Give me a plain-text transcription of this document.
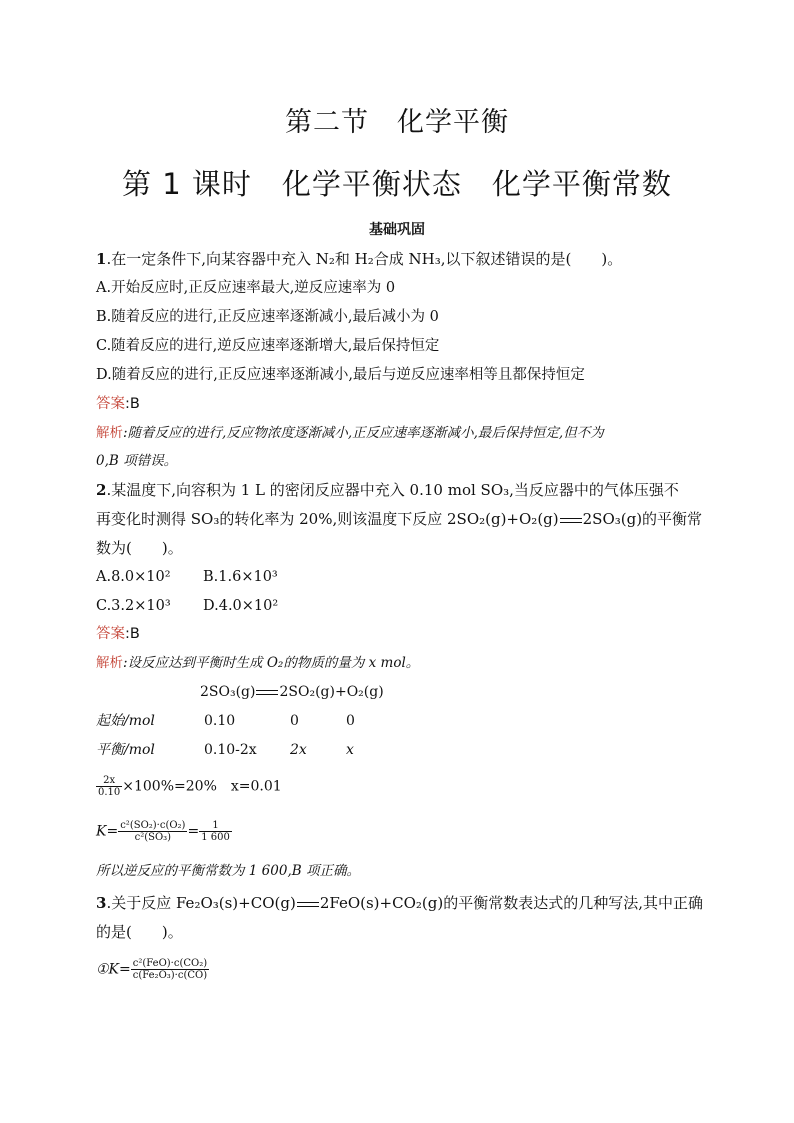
第二节　化学平衡
第 1 课时　化学平衡状态　化学平衡常数
基础巩固
1.在一定条件下,向某容器中充入 N₂和 H₂合成 NH₃,以下叙述错误的是(　　)。
A.开始反应时,正反应速率最大,逆反应速率为 0
B.随着反应的进行,正反应速率逐渐减小,最后减小为 0
C.随着反应的进行,逆反应速率逐渐增大,最后保持恒定
D.随着反应的进行,正反应速率逐渐减小,最后与逆反应速率相等且都保持恒定
答案:B
解析:随着反应的进行,反应物浓度逐渐减小,正反应速率逐渐减小,最后保持恒定,但不为
0,B 项错误。
2.某温度下,向容积为 1 L 的密闭反应器中充入 0.10 mol SO₃,当反应器中的气体压强不
再变化时测得 SO₃的转化率为 20%,则该温度下反应 2SO₂(g)+O₂(g) 2SO₃(g)的平衡常
数为(　　)。
A.8.0×10² B.1.6×10³
C.3.2×10³ D.4.0×10²
答案:B
解析:设反应达到平衡时生成 O₂的物质的量为 x mol。
2SO₃(g) 2SO₂(g)+O₂(g)
起始/mol	0.10	0	0
平衡/mol	0.10-2x 2x	x
$\frac{2x}{0.10} \times 100\%=20\%$　x=0.01
$K= \frac{\text{c²(SO₂)·c(O₂)}}{\text{c²(SO₃)}} = \frac{1}{1 600}$
所以逆反应的平衡常数为 1 600,B 项正确。
3.关于反应 Fe₂O₃(s)+CO(g) 2FeO(s)+CO₂(g)的平衡常数表达式的几种写法,其中正确
的是(　　)。
①K= $\frac{\text{c²(FeO)·c(CO₂)}}{\text{c(Fe₂O₃)·c(CO)}}$
